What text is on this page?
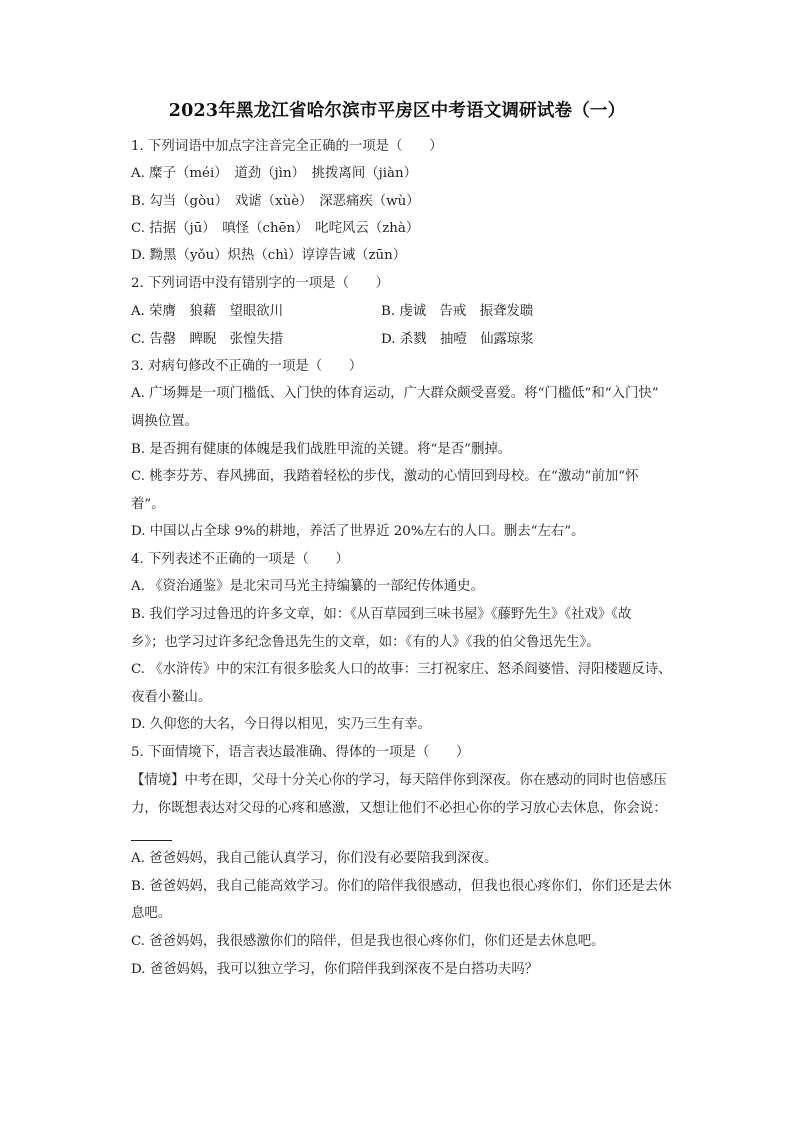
2023年黑龙江省哈尔滨市平房区中考语文调研试卷（一）
1. 下列词语中加点字注音完全正确的一项是（　　）
A. 糜子（méi）　道劲（jìn）　挑拨离间（jiàn）
B. 勾当（gòu）　戏谑（xùè）　深恶痛疾（wù）
C. 拮据（jū）　嗔怪（chēn）　叱咤风云（zhà）
D. 黝黑（yǒu）炽热（chì）谆谆告诫（zūn）
2. 下列词语中没有错别字的一项是（　　）
A. 荣膺　狼藉　望眼欲川	B. 虔诚　告戒　振聋发聩
C. 告罄　睥睨　张惶失措	D. 杀戮　抽噎　仙露琼浆
3. 对病句修改不正确的一项是（　　）
A. 广场舞是一项门槛低、入门快的体育运动，广大群众颇受喜爱。将“门槛低”和“入门快”
调换位置。
B. 是否拥有健康的体魄是我们战胜甲流的关键。将“是否”删掉。
C. 桃李芬芳、春风拂面，我踏着轻松的步伐，激动的心情回到母校。在“激动”前加“怀
着”。
D. 中国以占全球 9%的耕地，养活了世界近 20%左右的人口。删去“左右”。
4. 下列表述不正确的一项是（　　）
A. 《资治通鉴》是北宋司马光主持编纂的一部纪传体通史。
B. 我们学习过鲁迅的许多文章，如：《从百草园到三味书屋》《藤野先生》《社戏》《故
乡》；也学习过许多纪念鲁迅先生的文章，如：《有的人》《我的伯父鲁迅先生》。
C. 《水浒传》中的宋江有很多脍炙人口的故事：三打祝家庄、怒杀阎婆惜、浔阳楼题反诗、
夜看小鳌山。
D. 久仰您的大名，今日得以相见，实乃三生有幸。
5. 下面情境下，语言表达最准确、得体的一项是（　　）
【情境】中考在即，父母十分关心你的学习，每天陪伴你到深夜。你在感动的同时也倍感压
力，你既想表达对父母的心疼和感激，又想让他们不必担心你的学习放心去休息，你会说：
A. 爸爸妈妈，我自己能认真学习，你们没有必要陪我到深夜。
B. 爸爸妈妈，我自己能高效学习。你们的陪伴我很感动，但我也很心疼你们，你们还是去休
息吧。
C. 爸爸妈妈，我很感激你们的陪伴，但是我也很心疼你们，你们还是去休息吧。
D. 爸爸妈妈，我可以独立学习，你们陪伴我到深夜不是白搭功夫吗？
